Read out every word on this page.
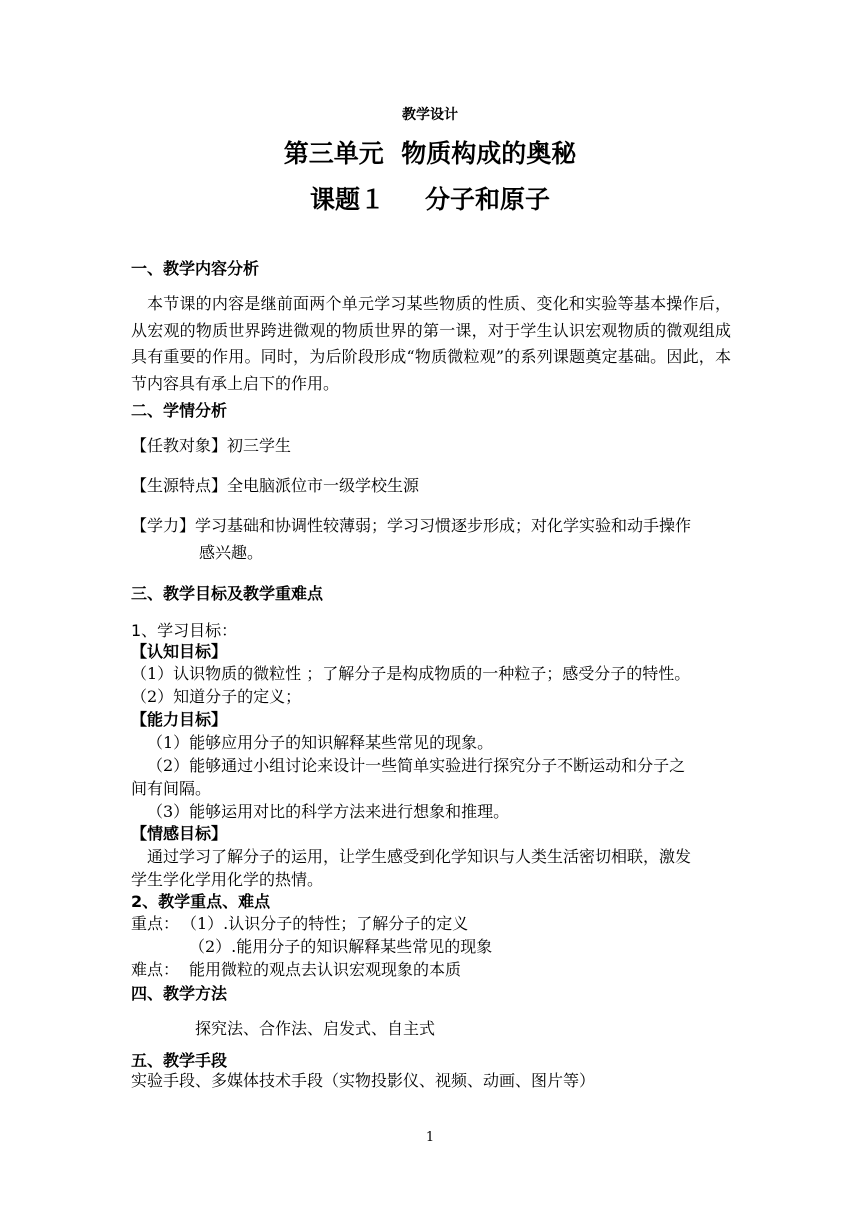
教学设计
第三单元  物质构成的奥秘
课题１ 分子和原子
一、教学内容分析
本节课的内容是继前面两个单元学习某些物质的性质、变化和实验等基本操作后，从宏观的物质世界跨进微观的物质世界的第一课，对于学生认识宏观物质的微观组成具有重要的作用。同时，为后阶段形成“物质微粒观”的系列课题奠定基础。因此，本节内容具有承上启下的作用。
二、学情分析
【任教对象】初三学生
【生源特点】全电脑派位市一级学校生源
【学力】学习基础和协调性较薄弱；学习习惯逐步形成；对化学实验和动手操作
感兴趣。
三、教学目标及教学重难点
1、学习目标：
【认知目标】
（1）认识物质的微粒性 ；了解分子是构成物质的一种粒子；感受分子的特性。
（2）知道分子的定义；
【能力目标】
（1）能够应用分子的知识解释某些常见的现象。
（2）能够通过小组讨论来设计一些简单实验进行探究分子不断运动和分子之
间有间隔。
（3）能够运用对比的科学方法来进行想象和推理。
【情感目标】
通过学习了解分子的运用，让学生感受到化学知识与人类生活密切相联，激发
学生学化学用化学的热情。
2、教学重点、难点
重点： （1）.认识分子的特性；了解分子的定义
（2）.能用分子的知识解释某些常见的现象
难点： 能用微粒的观点去认识宏观现象的本质
四、教学方法
探究法、合作法、启发式、自主式
五、教学手段
实验手段、多媒体技术手段（实物投影仪、视频、动画、图片等）
1
